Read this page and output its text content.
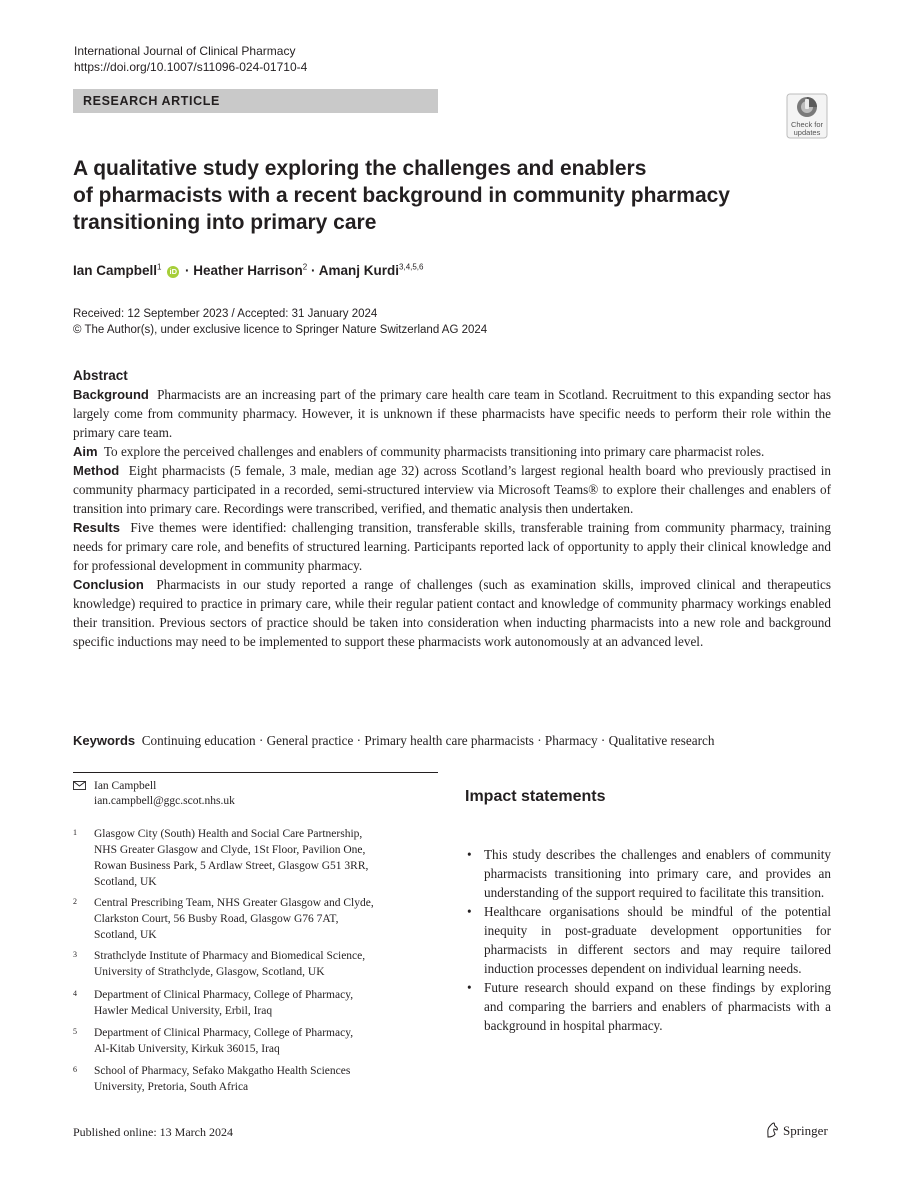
International Journal of Clinical Pharmacy
https://doi.org/10.1007/s11096-024-01710-4
RESEARCH ARTICLE
Check for
updates
A qualitative study exploring the challenges and enablers
of pharmacists with a recent background in community pharmacy
transitioning into primary care
Ian Campbell$^1$ iD · Heather Harrison$^2$ · Amanj Kurdi$^{3,4,5,6}$
Received: 12 September 2023 / Accepted: 31 January 2024
© The Author(s), under exclusive licence to Springer Nature Switzerland AG 2024
Abstract

Background Pharmacists are an increasing part of the primary care health care team in Scotland. Recruitment to this expanding sector has largely come from community pharmacy. However, it is unknown if these pharmacists have specific needs to perform their role within the primary care team.

Aim To explore the perceived challenges and enablers of community pharmacists transitioning into primary care pharmacist roles.

Method Eight pharmacists (5 female, 3 male, median age 32) across Scotland’s largest regional health board who previously practised in community pharmacy participated in a recorded, semi-structured interview via Microsoft Teams® to explore their challenges and enablers of transition into primary care. Recordings were transcribed, verified, and thematic analysis then undertaken.

Results Five themes were identified: challenging transition, transferable skills, transferable training from community pharmacy, training needs for primary care role, and benefits of structured learning. Participants reported lack of opportunity to apply their clinical knowledge and for professional development in community pharmacy.

Conclusion Pharmacists in our study reported a range of challenges (such as examination skills, improved clinical and therapeutics knowledge) required to practice in primary care, while their regular patient contact and knowledge of community pharmacy workings enabled their transition. Previous sectors of practice should be taken into consideration when inducting pharmacists into a new role and background specific inductions may need to be implemented to support these pharmacists work autonomously at an advanced level.

Keywords Continuing education · General practice · Primary health care pharmacists · Pharmacy · Qualitative research
Ian Campbell
ian.campbell@ggc.scot.nhs.uk
1 Glasgow City (South) Health and Social Care Partnership,
NHS Greater Glasgow and Clyde, 1St Floor, Pavilion One,
Rowan Business Park, 5 Ardlaw Street, Glasgow G51 3RR,
Scotland, UK
2 Central Prescribing Team, NHS Greater Glasgow and Clyde,
Clarkston Court, 56 Busby Road, Glasgow G76 7AT,
Scotland, UK
3 Strathclyde Institute of Pharmacy and Biomedical Science,
University of Strathclyde, Glasgow, Scotland, UK
4 Department of Clinical Pharmacy, College of Pharmacy,
Hawler Medical University, Erbil, Iraq
5 Department of Clinical Pharmacy, College of Pharmacy,
Al-Kitab University, Kirkuk 36015, Iraq
6 School of Pharmacy, Sefako Makgatho Health Sciences
University, Pretoria, South Africa
Impact statements
• This study describes the challenges and enablers of community pharmacists transitioning into primary care, and provides an understanding of the support required to facilitate this transition.
• Healthcare organisations should be mindful of the potential inequity in post-graduate development opportunities for pharmacists in different sectors and may require tailored induction processes dependent on individual learning needs.
• Future research should expand on these findings by exploring and comparing the barriers and enablers of pharmacists with a background in hospital pharmacy.
Published online: 13 March 2024	Springer
